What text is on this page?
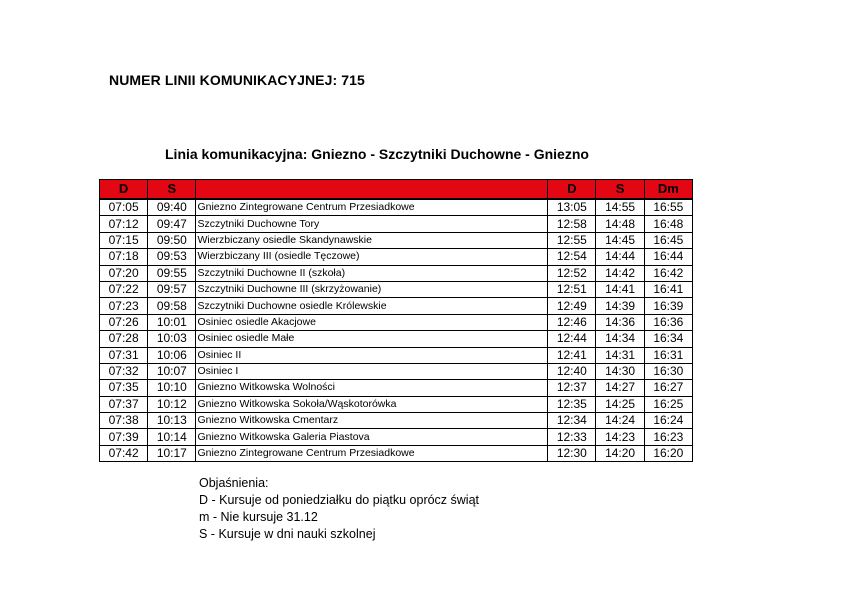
NUMER LINII KOMUNIKACYJNEJ: 715
Linia komunikacyjna: Gniezno - Szczytniki Duchowne - Gniezno
D	S		D	S	Dm
07:05	09:40	Gniezno Zintegrowane Centrum Przesiadkowe	13:05	14:55	16:55
07:12	09:47	Szczytniki Duchowne Tory	12:58	14:48	16:48
07:15	09:50	Wierzbiczany osiedle Skandynawskie	12:55	14:45	16:45
07:18	09:53	Wierzbiczany III (osiedle Tęczowe)	12:54	14:44	16:44
07:20	09:55	Szczytniki Duchowne II (szkoła)	12:52	14:42	16:42
07:22	09:57	Szczytniki Duchowne III (skrzyżowanie)	12:51	14:41	16:41
07:23	09:58	Szczytniki Duchowne osiedle Królewskie	12:49	14:39	16:39
07:26	10:01	Osiniec osiedle Akacjowe	12:46	14:36	16:36
07:28	10:03	Osiniec osiedle Małe	12:44	14:34	16:34
07:31	10:06	Osiniec II	12:41	14:31	16:31
07:32	10:07	Osiniec I	12:40	14:30	16:30
07:35	10:10	Gniezno Witkowska Wolności	12:37	14:27	16:27
07:37	10:12	Gniezno Witkowska Sokoła/Wąskotorówka	12:35	14:25	16:25
07:38	10:13	Gniezno Witkowska Cmentarz	12:34	14:24	16:24
07:39	10:14	Gniezno Witkowska Galeria Piastova	12:33	14:23	16:23
07:42	10:17	Gniezno Zintegrowane Centrum Przesiadkowe	12:30	14:20	16:20
Objaśnienia:
D - Kursuje od poniedziałku do piątku oprócz świąt
m - Nie kursuje 31.12
S - Kursuje w dni nauki szkolnej
